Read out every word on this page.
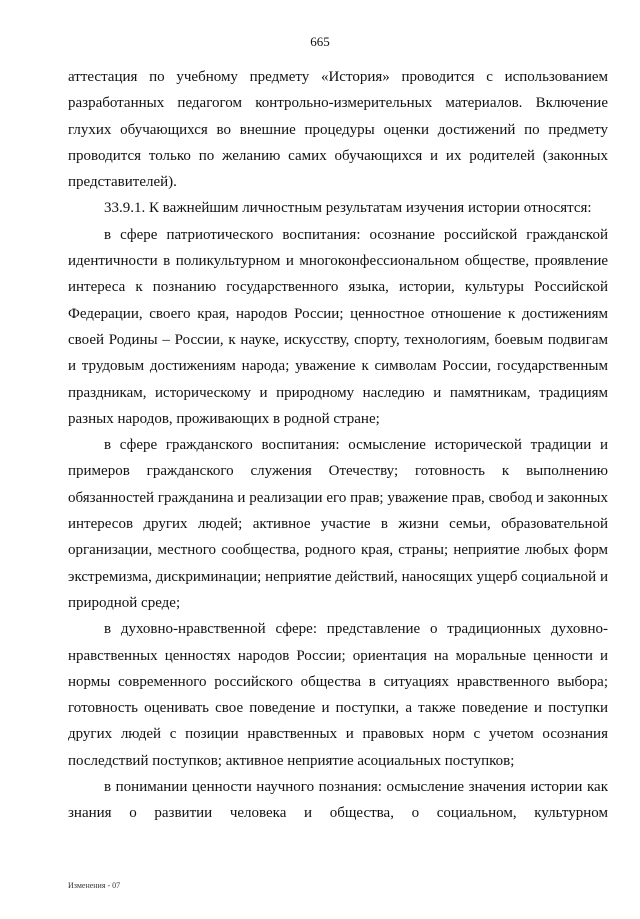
665

аттестация по учебному предмету «История» проводится с использованием разработанных педагогом контрольно-измерительных материалов. Включение глухих обучающихся во внешние процедуры оценки достижений по предмету проводится только по желанию самих обучающихся и их родителей (законных представителей).

33.9.1. К важнейшим личностным результатам изучения истории относятся:

в сфере патриотического воспитания: осознание российской гражданской идентичности в поликультурном и многоконфессиональном обществе, проявление интереса к познанию государственного языка, истории, культуры Российской Федерации, своего края, народов России; ценностное отношение к достижениям своей Родины – России, к науке, искусству, спорту, технологиям, боевым подвигам и трудовым достижениям народа; уважение к символам России, государственным праздникам, историческому и природному наследию и памятникам, традициям разных народов, проживающих в родной стране;

в сфере гражданского воспитания: осмысление исторической традиции и примеров гражданского служения Отечеству; готовность к выполнению обязанностей гражданина и реализации его прав; уважение прав, свобод и законных интересов других людей; активное участие в жизни семьи, образовательной организации, местного сообщества, родного края, страны; неприятие любых форм экстремизма, дискриминации; неприятие действий, наносящих ущерб социальной и природной среде;

в духовно-нравственной сфере: представление о традиционных духовно-нравственных ценностях народов России; ориентация на моральные ценности и нормы современного российского общества в ситуациях нравственного выбора; готовность оценивать свое поведение и поступки, а также поведение и поступки других людей с позиции нравственных и правовых норм с учетом осознания последствий поступков; активное неприятие асоциальных поступков;

в понимании ценности научного познания: осмысление значения истории как знания о развитии человека и общества, о социальном, культурном

Изменения - 07
